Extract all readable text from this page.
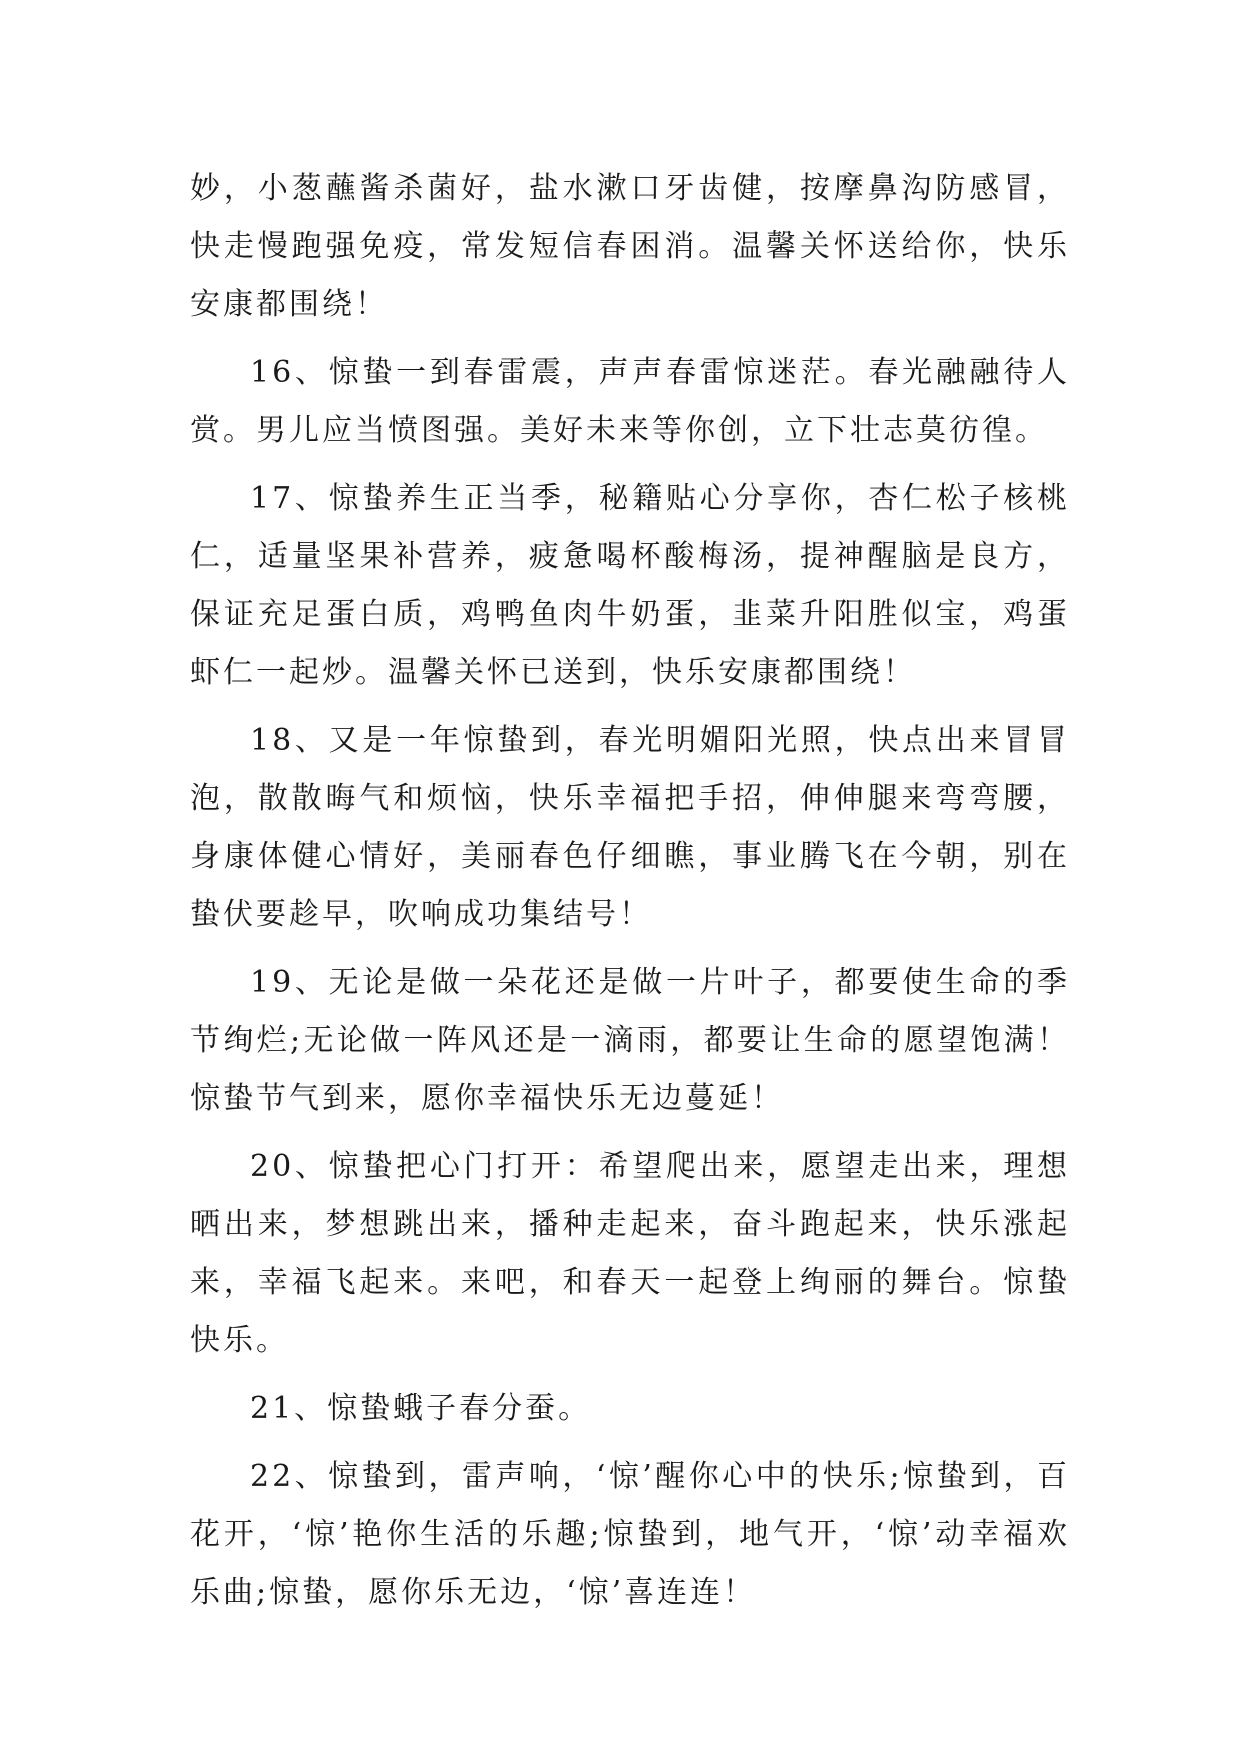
妙，小葱蘸酱杀菌好，盐水漱口牙齿健，按摩鼻沟防感冒，快走慢跑强免疫，常发短信春困消。温馨关怀送给你，快乐安康都围绕！

16、惊蛰一到春雷震，声声春雷惊迷茫。春光融融待人赏。男儿应当愤图强。美好未来等你创，立下壮志莫彷徨。

17、惊蛰养生正当季，秘籍贴心分享你，杏仁松子核桃仁，适量坚果补营养，疲惫喝杯酸梅汤，提神醒脑是良方，保证充足蛋白质，鸡鸭鱼肉牛奶蛋，韭菜升阳胜似宝，鸡蛋虾仁一起炒。温馨关怀已送到，快乐安康都围绕！

18、又是一年惊蛰到，春光明媚阳光照，快点出来冒冒泡，散散晦气和烦恼，快乐幸福把手招，伸伸腿来弯弯腰，身康体健心情好，美丽春色仔细瞧，事业腾飞在今朝，别在蛰伏要趁早，吹响成功集结号！

19、无论是做一朵花还是做一片叶子，都要使生命的季节绚烂;无论做一阵风还是一滴雨，都要让生命的愿望饱满！惊蛰节气到来，愿你幸福快乐无边蔓延！

20、惊蛰把心门打开：希望爬出来，愿望走出来，理想晒出来，梦想跳出来，播种走起来，奋斗跑起来，快乐涨起来，幸福飞起来。来吧，和春天一起登上绚丽的舞台。惊蛰快乐。

21、惊蛰蛾子春分蚕。

22、惊蛰到，雷声响，‘惊’醒你心中的快乐;惊蛰到，百花开，‘惊’艳你生活的乐趣;惊蛰到，地气开，‘惊’动幸福欢乐曲;惊蛰，愿你乐无边，‘惊’喜连连！
